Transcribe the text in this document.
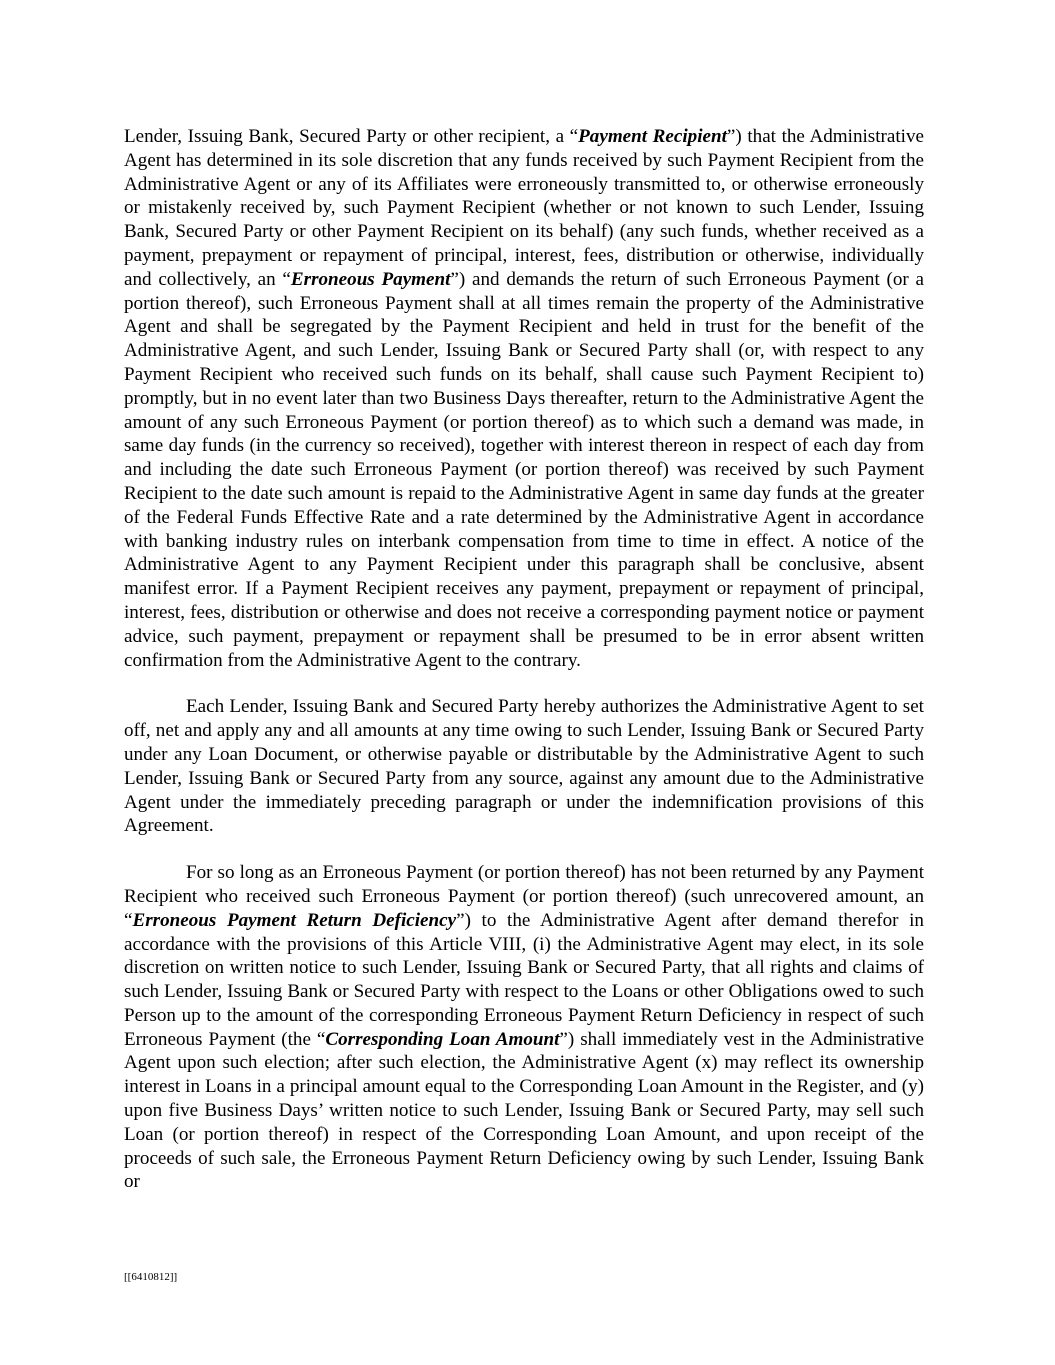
Lender, Issuing Bank, Secured Party or other recipient, a “Payment Recipient”) that the Administrative Agent has determined in its sole discretion that any funds received by such Payment Recipient from the Administrative Agent or any of its Affiliates were erroneously transmitted to, or otherwise erroneously or mistakenly received by, such Payment Recipient (whether or not known to such Lender, Issuing Bank, Secured Party or other Payment Recipient on its behalf) (any such funds, whether received as a payment, prepayment or repayment of principal, interest, fees, distribution or otherwise, individually and collectively, an “Erroneous Payment”) and demands the return of such Erroneous Payment (or a portion thereof), such Erroneous Payment shall at all times remain the property of the Administrative Agent and shall be segregated by the Payment Recipient and held in trust for the benefit of the Administrative Agent, and such Lender, Issuing Bank or Secured Party shall (or, with respect to any Payment Recipient who received such funds on its behalf, shall cause such Payment Recipient to) promptly, but in no event later than two Business Days thereafter, return to the Administrative Agent the amount of any such Erroneous Payment (or portion thereof) as to which such a demand was made, in same day funds (in the currency so received), together with interest thereon in respect of each day from and including the date such Erroneous Payment (or portion thereof) was received by such Payment Recipient to the date such amount is repaid to the Administrative Agent in same day funds at the greater of the Federal Funds Effective Rate and a rate determined by the Administrative Agent in accordance with banking industry rules on interbank compensation from time to time in effect. A notice of the Administrative Agent to any Payment Recipient under this paragraph shall be conclusive, absent manifest error. If a Payment Recipient receives any payment, prepayment or repayment of principal, interest, fees, distribution or otherwise and does not receive a corresponding payment notice or payment advice, such payment, prepayment or repayment shall be presumed to be in error absent written confirmation from the Administrative Agent to the contrary.

Each Lender, Issuing Bank and Secured Party hereby authorizes the Administrative Agent to set off, net and apply any and all amounts at any time owing to such Lender, Issuing Bank or Secured Party under any Loan Document, or otherwise payable or distributable by the Administrative Agent to such Lender, Issuing Bank or Secured Party from any source, against any amount due to the Administrative Agent under the immediately preceding paragraph or under the indemnification provisions of this Agreement.

For so long as an Erroneous Payment (or portion thereof) has not been returned by any Payment Recipient who received such Erroneous Payment (or portion thereof) (such unrecovered amount, an “Erroneous Payment Return Deficiency”) to the Administrative Agent after demand therefor in accordance with the provisions of this Article VIII, (i) the Administrative Agent may elect, in its sole discretion on written notice to such Lender, Issuing Bank or Secured Party, that all rights and claims of such Lender, Issuing Bank or Secured Party with respect to the Loans or other Obligations owed to such Person up to the amount of the corresponding Erroneous Payment Return Deficiency in respect of such Erroneous Payment (the “Corresponding Loan Amount”) shall immediately vest in the Administrative Agent upon such election; after such election, the Administrative Agent (x) may reflect its ownership interest in Loans in a principal amount equal to the Corresponding Loan Amount in the Register, and (y) upon five Business Days’ written notice to such Lender, Issuing Bank or Secured Party, may sell such Loan (or portion thereof) in respect of the Corresponding Loan Amount, and upon receipt of the proceeds of such sale, the Erroneous Payment Return Deficiency owing by such Lender, Issuing Bank or

[[6410812]]
